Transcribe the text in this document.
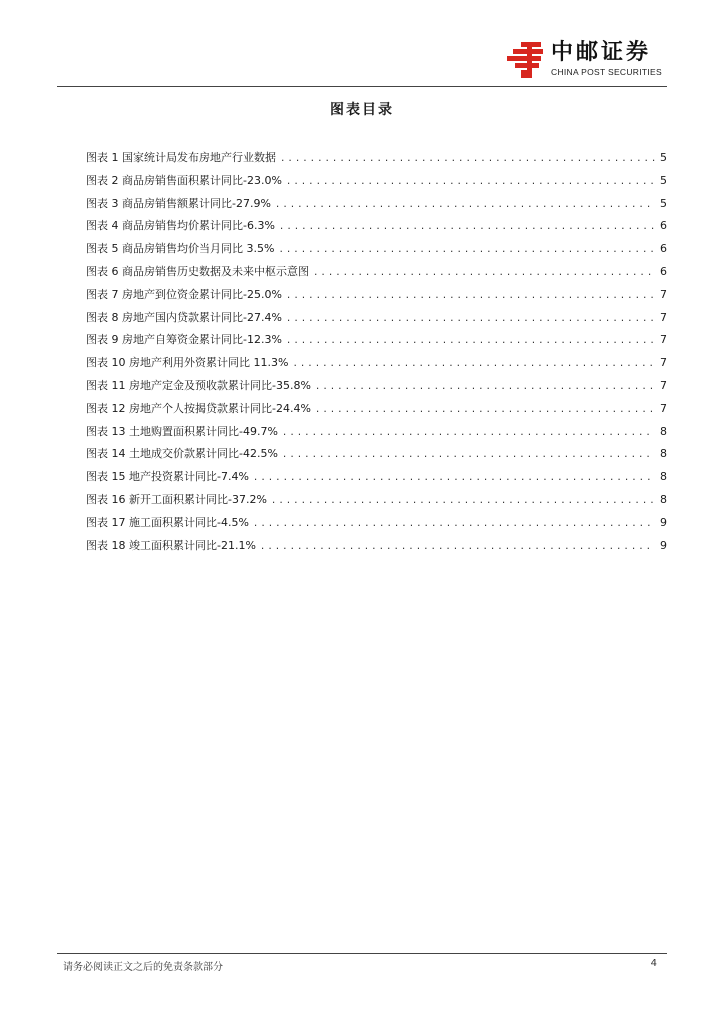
中邮证券
CHINA POST SECURITIES
图表目录
图表 1 国家统计局发布房地产行业数据 .....	5
图表 2 商品房销售面积累计同比-23.0% .....	5
图表 3 商品房销售额累计同比-27.9% .....	5
图表 4 商品房销售均价累计同比-6.3% .....	6
图表 5 商品房销售均价当月同比 3.5% .....	6
图表 6 商品房销售历史数据及未来中枢示意图 .....	6
图表 7 房地产到位资金累计同比-25.0% .....	7
图表 8 房地产国内贷款累计同比-27.4% .....	7
图表 9 房地产自筹资金累计同比-12.3% .....	7
图表 10 房地产利用外资累计同比 11.3% .....	7
图表 11 房地产定金及预收款累计同比-35.8% .....	7
图表 12 房地产个人按揭贷款累计同比-24.4% .....	7
图表 13 土地购置面积累计同比-49.7% .....	8
图表 14 土地成交价款累计同比-42.5% .....	8
图表 15 地产投资累计同比-7.4% .....	8
图表 16 新开工面积累计同比-37.2% .....	8
图表 17 施工面积累计同比-4.5% .....	9
图表 18 竣工面积累计同比-21.1% .....	9
请务必阅读正文之后的免责条款部分	4
